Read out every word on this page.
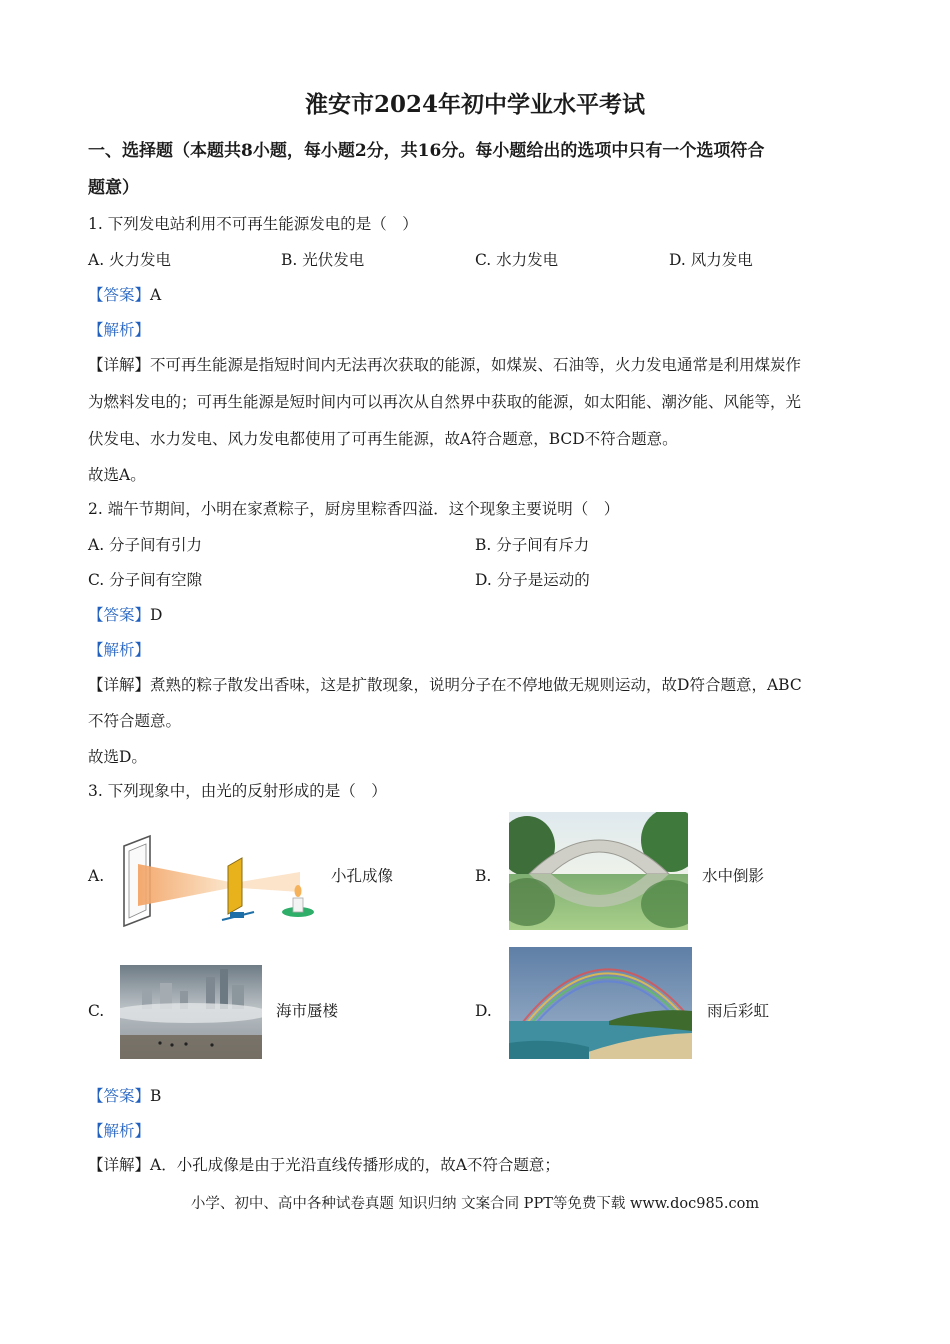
淮安市2024年初中学业水平考试
一、选择题（本题共8小题，每小题2分，共16分。每小题给出的选项中只有一个选项符合
题意）
1. 下列发电站利用不可再生能源发电的是（　）
A. 火力发电	B. 光伏发电	C. 水力发电	D. 风力发电
【答案】A
【解析】
【详解】不可再生能源是指短时间内无法再次获取的能源，如煤炭、石油等，火力发电通常是利用煤炭作
为燃料发电的；可再生能源是短时间内可以再次从自然界中获取的能源，如太阳能、潮汐能、风能等，光
伏发电、水力发电、风力发电都使用了可再生能源，故A符合题意，BCD不符合题意。
故选A。
2. 端午节期间，小明在家煮粽子，厨房里粽香四溢．这个现象主要说明（　）
A. 分子间有引力	B. 分子间有斥力
C. 分子间有空隙	D. 分子是运动的
【答案】D
【解析】
【详解】煮熟的粽子散发出香味，这是扩散现象，说明分子在不停地做无规则运动，故D符合题意，ABC
不符合题意。
故选D。
3. 下列现象中，由光的反射形成的是（　）
A.	小孔成像	B.	水中倒影
C.	海市蜃楼	D.	雨后彩虹
【答案】B
【解析】
【详解】A．小孔成像是由于光沿直线传播形成的，故A不符合题意；
小学、初中、高中各种试卷真题 知识归纳 文案合同 PPT等免费下载 www.doc985.com
